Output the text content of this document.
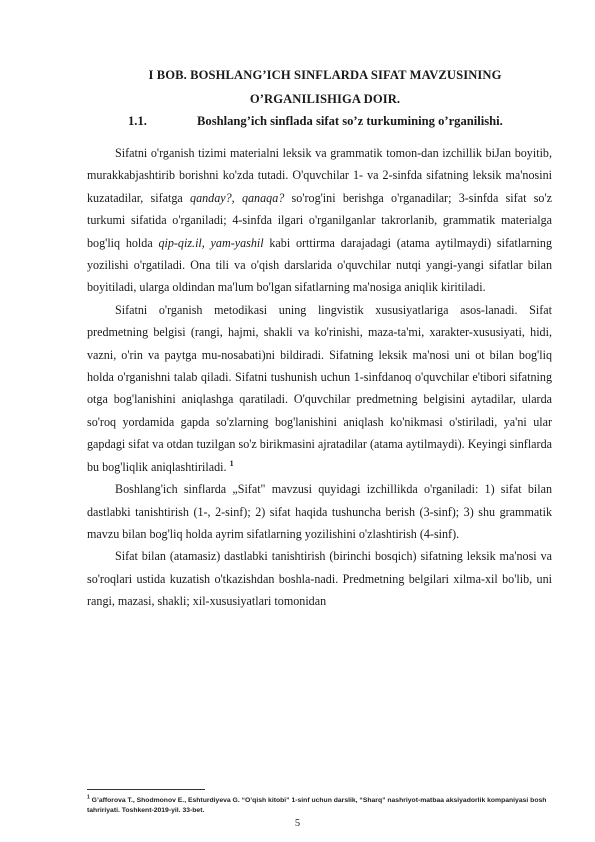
I BOB. BOSHLANG’ICH SINFLARDA SIFAT MAVZUSINING O’RGANILISHIGA DOIR.
1.1.	Boshlang’ich sinflada sifat so’z turkumining o’rganilishi.

Sifatni o'rganish tizimi materialni leksik va grammatik tomon-dan izchillik biJan boyitib, murakkabjashtirib borishni ko'zda tutadi. O'quvchilar 1- va 2-sinfda sifatning leksik ma'nosini kuzatadilar, sifatga qanday?, qanaqa? so'rog'ini berishga o'rganadilar; 3-sinfda sifat so'z turkumi sifatida o'rganiladi; 4-sinfda ilgari o'rganilganlar takrorlanib, grammatik materialga bog'liq holda qip-qiz.il, yam-yashil kabi orttirma darajadagi (atama aytilmaydi) sifatlarning yozilishi o'rgatiladi. Ona tili va o'qish darslarida o'quvchilar nutqi yangi-yangi sifatlar bilan boyitiladi, ularga oldindan ma'lum bo'lgan sifatlarning ma'nosiga aniqlik kiritiladi.

Sifatni o'rganish metodikasi uning lingvistik xususiyatlariga asos-lanadi. Sifat predmetning belgisi (rangi, hajmi, shakli va ko'rinishi, maza-ta'mi, xarakter-xususiyati, hidi, vazni, o'rin va paytga mu-nosabati)ni bildiradi. Sifatning leksik ma'nosi uni ot bilan bog'liq holda o'rganishni talab qiladi. Sifatni tushunish uchun 1-sinfdanoq o'quvchilar e'tibori sifatning otga bog'lanishini aniqlashga qaratiladi. O'quvchilar predmetning belgisini aytadilar, ularda so'roq yordamida gapda so'zlarning bog'lanishini aniqlash ko'nikmasi o'stiriladi, ya'ni ular gapdagi sifat va otdan tuzilgan so'z birikmasini ajratadilar (atama aytilmaydi). Keyingi sinflarda bu bog'liqlik aniqlashtiriladi. $^1$

Boshlang'ich sinflarda „Sifat" mavzusi quyidagi izchillikda o'rganiladi: 1) sifat bilan dastlabki tanishtirish (1-, 2-sinf); 2) sifat haqida tushuncha berish (3-sinf); 3) shu grammatik mavzu bilan bog'liq holda ayrim sifatlarning yozilishini o'zlashtirish (4-sinf).

Sifat bilan (atamasiz) dastlabki tanishtirish (birinchi bosqich) sifatning leksik ma'nosi va so'roqlari ustida kuzatish o'tkazishdan boshla-nadi. Predmetning belgilari xilma-xil bo'lib, uni rangi, mazasi, shakli; xil-xususiyatlari tomonidan

$^1$ G’afforova T., Shodmonov E., Eshturdiyeva G. “O’qish kitobi” 1-sinf uchun darslik, “Sharq” nashriyot-matbaa aksiyadorlik kompaniyasi bosh tahririyati. Toshkent-2019-yil. 33-bet.
5
